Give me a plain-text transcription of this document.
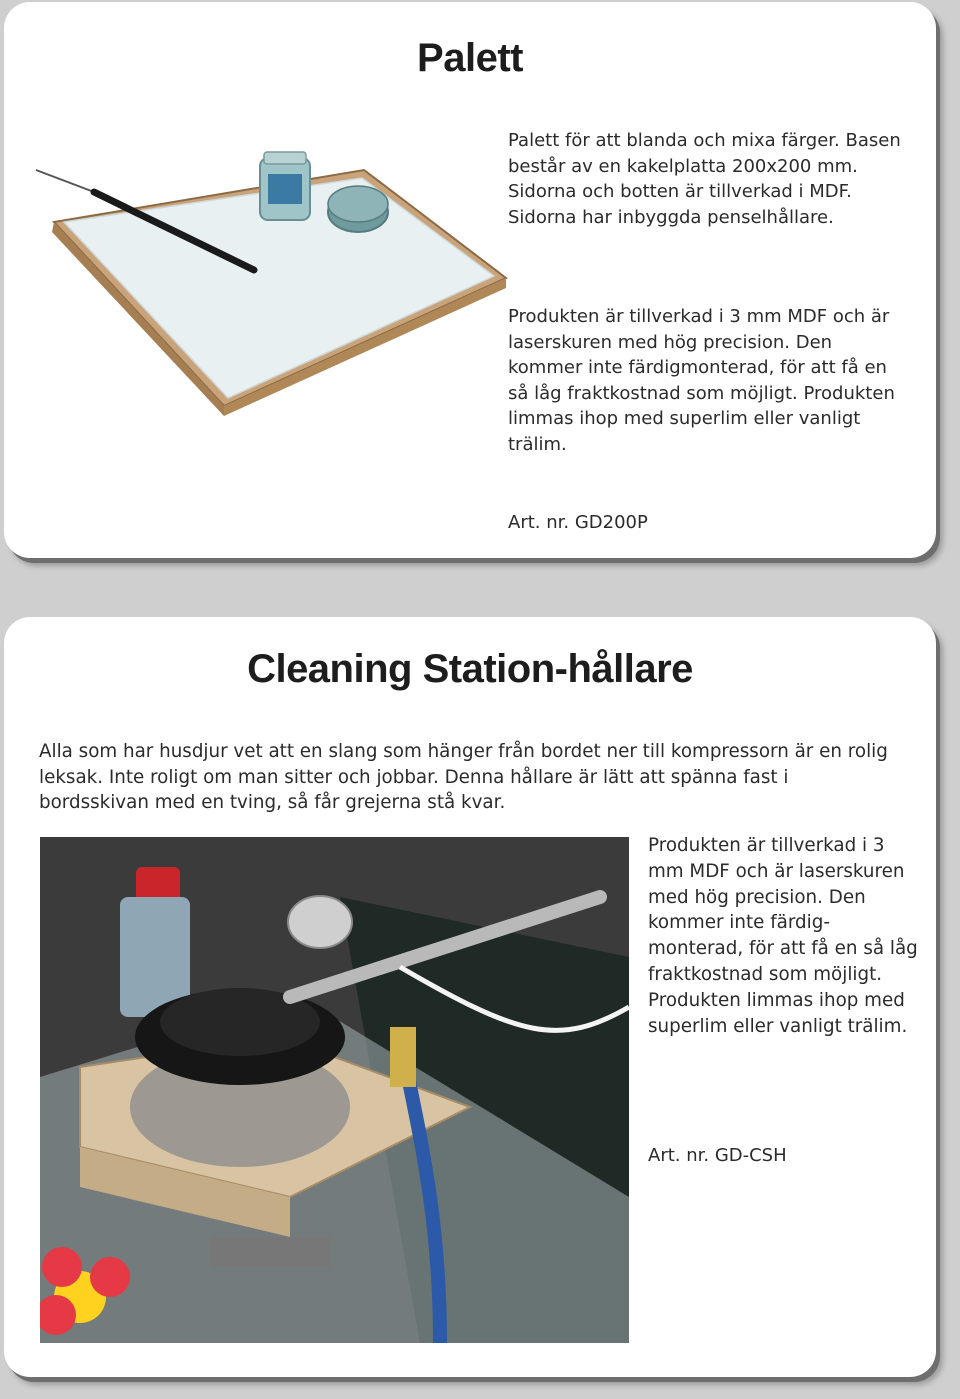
Palett

Palett för att blanda och mixa färger. Basen består av en kakelplatta 200x200 mm. Sidorna och botten är tillverkad i MDF. Sidorna har inbyggda penselhållare.

Produkten är tillverkad i 3 mm MDF och är laserskuren med hög precision. Den kommer inte färdigmonterad, för att få en så låg fraktkostnad som möjligt. Produkten limmas ihop med superlim eller vanligt trälim.

Art. nr. GD200P

Cleaning Station-hållare

Alla som har husdjur vet att en slang som hänger från bordet ner till kompressorn är en rolig leksak. Inte roligt om man sitter och jobbar. Denna hållare är lätt att spänna fast i bordsskivan med en tving, så får grejerna stå kvar.

Produkten är tillverkad i 3 mm MDF och är laserskuren med hög precision. Den kommer inte färdig-monterad, för att få en så låg fraktkostnad som möjligt. Produkten limmas ihop med superlim eller vanligt trälim.

Art. nr. GD-CSH
